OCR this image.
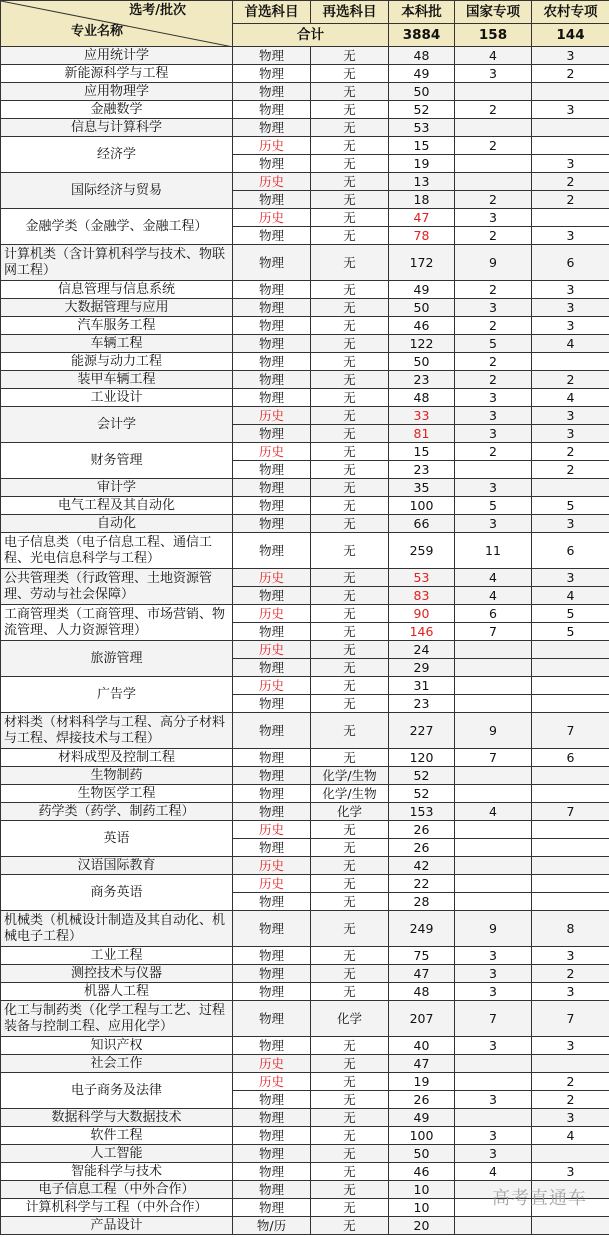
选考/批次
专业名称	首选科目	再选科目	本科批	国家专项	农村专项
	合计		3884	158	144
应用统计学	物理	无	48	4	3
新能源科学与工程	物理	无	49	3	2
应用物理学	物理	无	50		
金融数学	物理	无	52	2	3
信息与计算科学	物理	无	53		
经济学	历史	无	15	2	
	物理	无	19		3
国际经济与贸易	历史	无	13		2
	物理	无	18	2	2
金融学类（金融学、金融工程）	历史	无	47	3	
	物理	无	78	2	3
计算机类（含计算机科学与技术、物联网工程）	物理	无	172	9	6
信息管理与信息系统	物理	无	49	2	3
大数据管理与应用	物理	无	50	3	3
汽车服务工程	物理	无	46	2	3
车辆工程	物理	无	122	5	4
能源与动力工程	物理	无	50	2	
装甲车辆工程	物理	无	23	2	2
工业设计	物理	无	48	3	4
会计学	历史	无	33	3	3
	物理	无	81	3	3
财务管理	历史	无	15	2	2
	物理	无	23		2
审计学	物理	无	35	3	
电气工程及其自动化	物理	无	100	5	5
自动化	物理	无	66	3	3
电子信息类（电子信息工程、通信工程、光电信息科学与工程）	物理	无	259	11	6
公共管理类（行政管理、土地资源管理、劳动与社会保障）	历史	无	53	4	3
	物理	无	83	4	4
工商管理类（工商管理、市场营销、物流管理、人力资源管理）	历史	无	90	6	5
	物理	无	146	7	5
旅游管理	历史	无	24		
	物理	无	29		
广告学	历史	无	31		
	物理	无	23		
材料类（材料科学与工程、高分子材料与工程、焊接技术与工程）	物理	无	227	9	7
材料成型及控制工程	物理	无	120	7	6
生物制药	物理	化学/生物	52		
生物医学工程	物理	化学/生物	52		
药学类（药学、制药工程）	物理	化学	153	4	7
英语	历史	无	26		
	物理	无	26		
汉语国际教育	历史	无	42		
商务英语	历史	无	22		
	物理	无	28		
机械类（机械设计制造及其自动化、机械电子工程）	物理	无	249	9	8
工业工程	物理	无	75	3	3
测控技术与仪器	物理	无	47	3	2
机器人工程	物理	无	48	3	3
化工与制药类（化学工程与工艺、过程装备与控制工程、应用化学）	物理	化学	207	7	7
知识产权	物理	无	40	3	3
社会工作	历史	无	47		
电子商务及法律	历史	无	19		2
	物理	无	26	3	2
数据科学与大数据技术	物理	无	49		3
软件工程	物理	无	100	3	4
人工智能	物理	无	50	3	
智能科学与技术	物理	无	46	4	3
电子信息工程（中外合作）	物理	无	10		
计算机科学与工程（中外合作）	物理	无	10		
产品设计	物/历	无	20		
高考直通车
